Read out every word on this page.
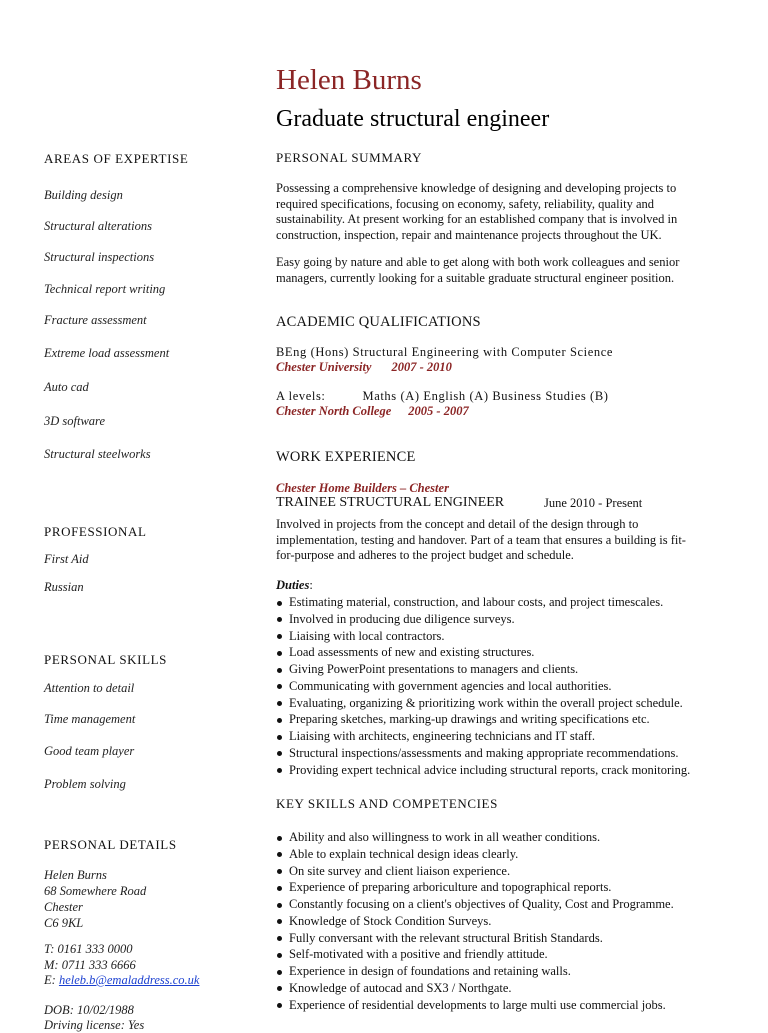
Helen Burns
Graduate structural engineer
AREAS OF EXPERTISE
Building design
Structural alterations
Structural inspections
Technical report writing
Fracture assessment
Extreme load assessment
Auto cad
3D software
Structural steelworks
PROFESSIONAL
First Aid
Russian
PERSONAL SKILLS
Attention to detail
Time management
Good team player
Problem solving
PERSONAL DETAILS
Helen Burns
68 Somewhere Road
Chester
C6 9KL
T: 0161 333 0000
M: 0711 333 6666
E: heleb.b@emaladdress.co.uk
DOB: 10/02/1988
Driving license: Yes
PERSONAL SUMMARY
Possessing a comprehensive knowledge of designing and developing projects to
required specifications, focusing on economy, safety, reliability, quality and
sustainability. At present working for an established company that is involved in
construction, inspection, repair and maintenance projects throughout the UK.
Easy going by nature and able to get along with both work colleagues and senior
managers, currently looking for a suitable graduate structural engineer position.
ACADEMIC QUALIFICATIONS
BEng (Hons) Structural Engineering with Computer Science
Chester University 2007 - 2010
A levels:	Maths (A) English (A) Business Studies (B)
Chester North College 2005 - 2007
WORK EXPERIENCE
Chester Home Builders – Chester
TRAINEE STRUCTURAL ENGINEER	June 2010 - Present
Involved in projects from the concept and detail of the design through to
implementation, testing and handover. Part of a team that ensures a building is fit-
for-purpose and adheres to the project budget and schedule.
Duties:
Estimating material, construction, and labour costs, and project timescales.
Involved in producing due diligence surveys.
Liaising with local contractors.
Load assessments of new and existing structures.
Giving PowerPoint presentations to managers and clients.
Communicating with government agencies and local authorities.
Evaluating, organizing & prioritizing work within the overall project schedule.
Preparing sketches, marking-up drawings and writing specifications etc.
Liaising with architects, engineering technicians and IT staff.
Structural inspections/assessments and making appropriate recommendations.
Providing expert technical advice including structural reports, crack monitoring.
KEY SKILLS AND COMPETENCIES
Ability and also willingness to work in all weather conditions.
Able to explain technical design ideas clearly.
On site survey and client liaison experience.
Experience of preparing arboriculture and topographical reports.
Constantly focusing on a client's objectives of Quality, Cost and Programme.
Knowledge of Stock Condition Surveys.
Fully conversant with the relevant structural British Standards.
Self-motivated with a positive and friendly attitude.
Experience in design of foundations and retaining walls.
Knowledge of autocad and SX3 / Northgate.
Experience of residential developments to large multi use commercial jobs.
